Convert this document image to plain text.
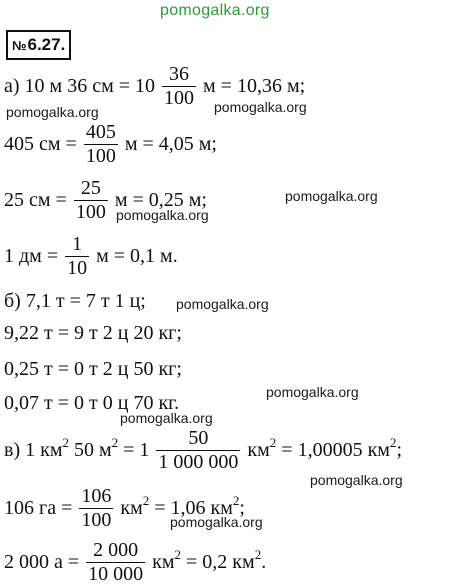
pomogalka.org
pomogalka.org	pomogalka.org
pomogalka.org
pomogalka.org
pomogalka.org
pomogalka.org
pomogalka.org
pomogalka.org
pomogalka.org
№6.27.
а) 10 м 36 см = $10 \frac{36}{100}$ м = 10,36 м;
405 см = $\frac{405}{100}$ м = 4,05 м;
25 см = $\frac{25}{100}$ м = 0,25 м;
1 дм = $\frac{1}{10}$ м = 0,1 м.
б) 7,1 т = 7 т 1 ц;
9,22 т = 9 т 2 ц 20 кг;
0,25 т = 0 т 2 ц 50 кг;
0,07 т = 0 т 0 ц 70 кг.
в) 1 $км^2$ 50 $м^2 = 1 \frac{50}{1 000 000} км^2 = 1,00005$ $км^2$;
106 га = $\frac{106}{100} км^2 = 1,06$ $км^2$;
2 000 $а = \frac{2 000}{10 000} км^2 = 0,2$ $км^2$.
